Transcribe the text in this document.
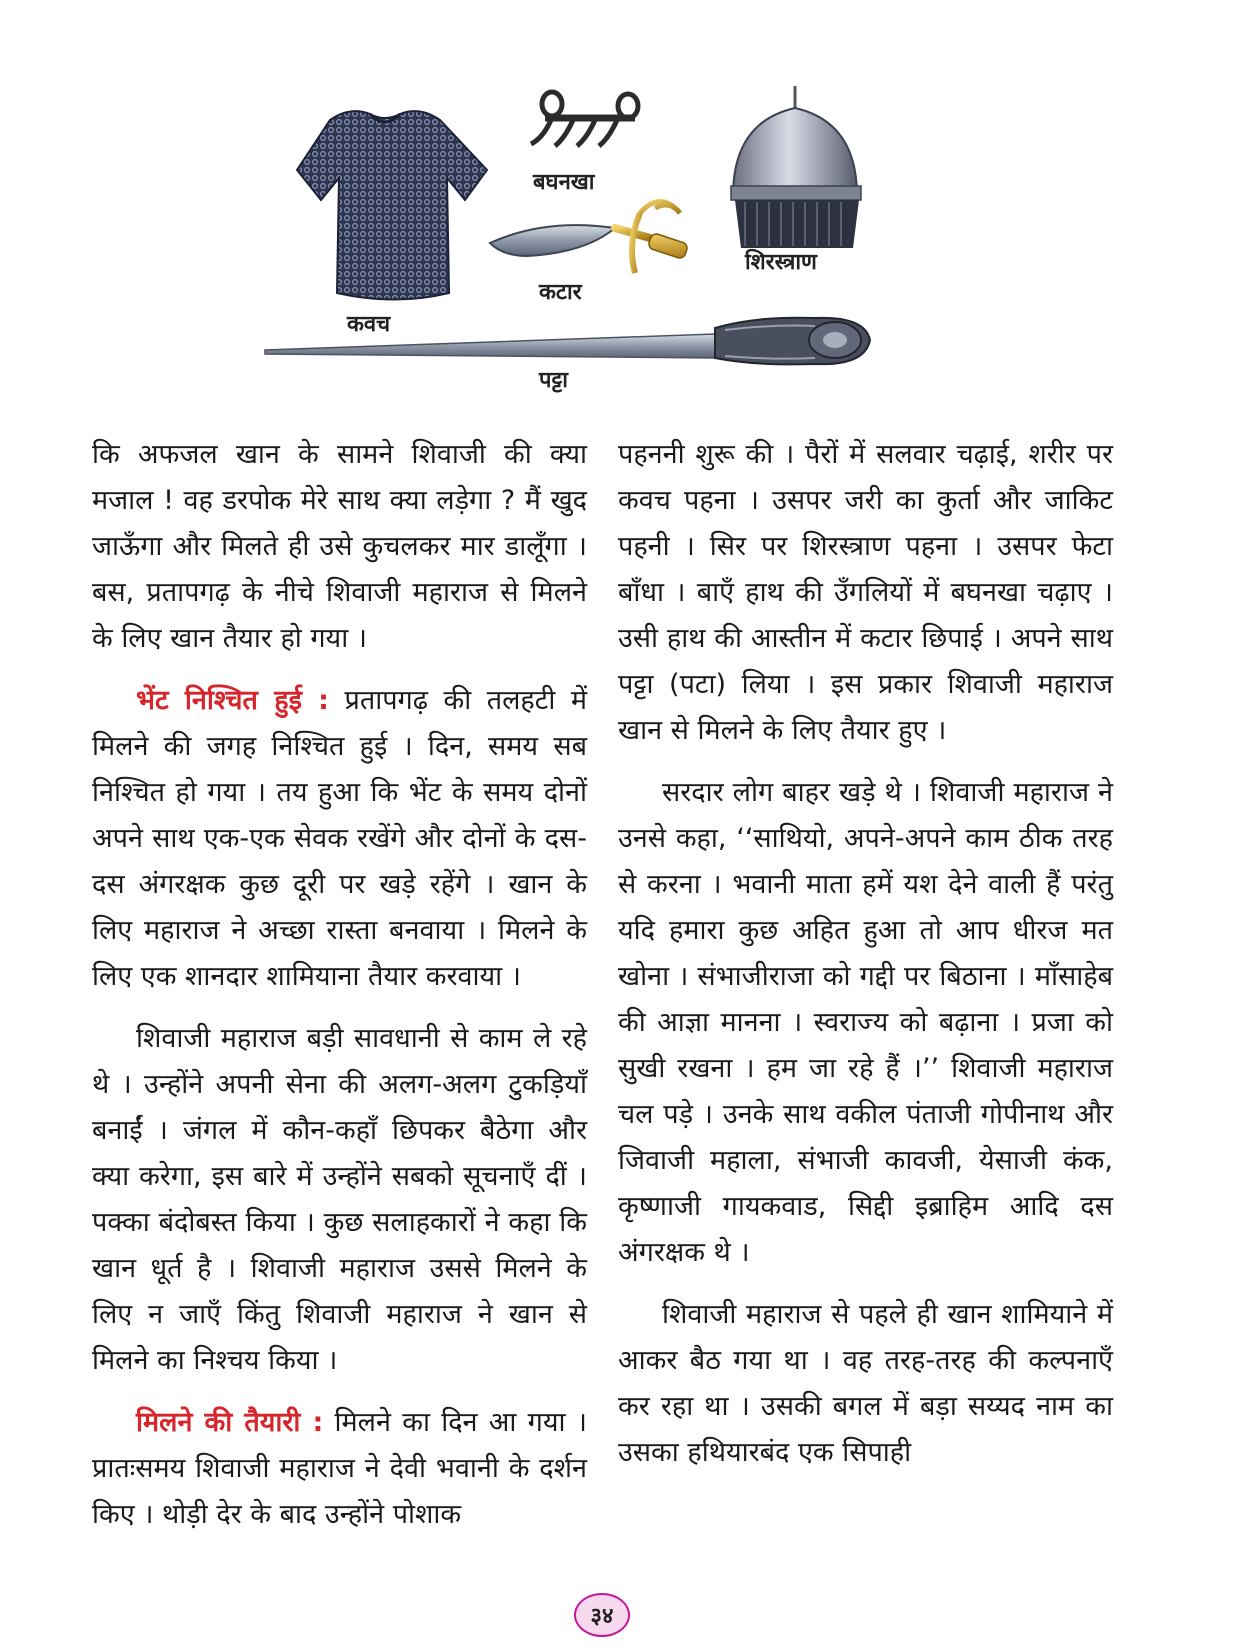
कवच
बघनखा
कटार
शिरस्त्राण
पट्टा

कि अफजल खान के सामने शिवाजी की क्या मजाल ! वह डरपोक मेरे साथ क्या लड़ेगा ? मैं खुद जाऊँगा और मिलते ही उसे कुचलकर मार डालूँगा । बस, प्रतापगढ़ के नीचे शिवाजी महाराज से मिलने के लिए खान तैयार हो गया ।

भेंट निश्चित हुई : प्रतापगढ़ की तलहटी में मिलने की जगह निश्चित हुई । दिन, समय सब निश्चित हो गया । तय हुआ कि भेंट के समय दोनों अपने साथ एक-एक सेवक रखेंगे और दोनों के दस-दस अंगरक्षक कुछ दूरी पर खड़े रहेंगे । खान के लिए महाराज ने अच्छा रास्ता बनवाया । मिलने के लिए एक शानदार शामियाना तैयार करवाया ।

शिवाजी महाराज बड़ी सावधानी से काम ले रहे थे । उन्होंने अपनी सेना की अलग-अलग टुकड़ियाँ बनाईं । जंगल में कौन-कहाँ छिपकर बैठेगा और क्या करेगा, इस बारे में उन्होंने सबको सूचनाएँ दीं । पक्का बंदोबस्त किया । कुछ सलाहकारों ने कहा कि खान धूर्त है । शिवाजी महाराज उससे मिलने के लिए न जाएँ किंतु शिवाजी महाराज ने खान से मिलने का निश्चय किया ।

मिलने की तैयारी : मिलने का दिन आ गया । प्रातःसमय शिवाजी महाराज ने देवी भवानी के दर्शन किए । थोड़ी देर के बाद उन्होंने पोशाक

पहननी शुरू की । पैरों में सलवार चढ़ाई, शरीर पर कवच पहना । उसपर जरी का कुर्ता और जाकिट पहनी । सिर पर शिरस्त्राण पहना । उसपर फेटा बाँधा । बाएँ हाथ की उँगलियों में बघनखा चढ़ाए । उसी हाथ की आस्तीन में कटार छिपाई । अपने साथ पट्टा (पटा) लिया । इस प्रकार शिवाजी महाराज खान से मिलने के लिए तैयार हुए ।

सरदार लोग बाहर खड़े थे । शिवाजी महाराज ने उनसे कहा, ‘‘साथियो, अपने-अपने काम ठीक तरह से करना । भवानी माता हमें यश देने वाली हैं परंतु यदि हमारा कुछ अहित हुआ तो आप धीरज मत खोना । संभाजीराजा को गद्दी पर बिठाना । माँसाहेब की आज्ञा मानना । स्वराज्य को बढ़ाना । प्रजा को सुखी रखना । हम जा रहे हैं ।’’ शिवाजी महाराज चल पड़े । उनके साथ वकील पंताजी गोपीनाथ और जिवाजी महाला, संभाजी कावजी, येसाजी कंक, कृष्णाजी गायकवाड, सिद्दी इब्राहिम आदि दस अंगरक्षक थे ।

शिवाजी महाराज से पहले ही खान शामियाने में आकर बैठ गया था । वह तरह-तरह की कल्पनाएँ कर रहा था । उसकी बगल में बड़ा सय्यद नाम का उसका हथियारबंद एक सिपाही

३४
